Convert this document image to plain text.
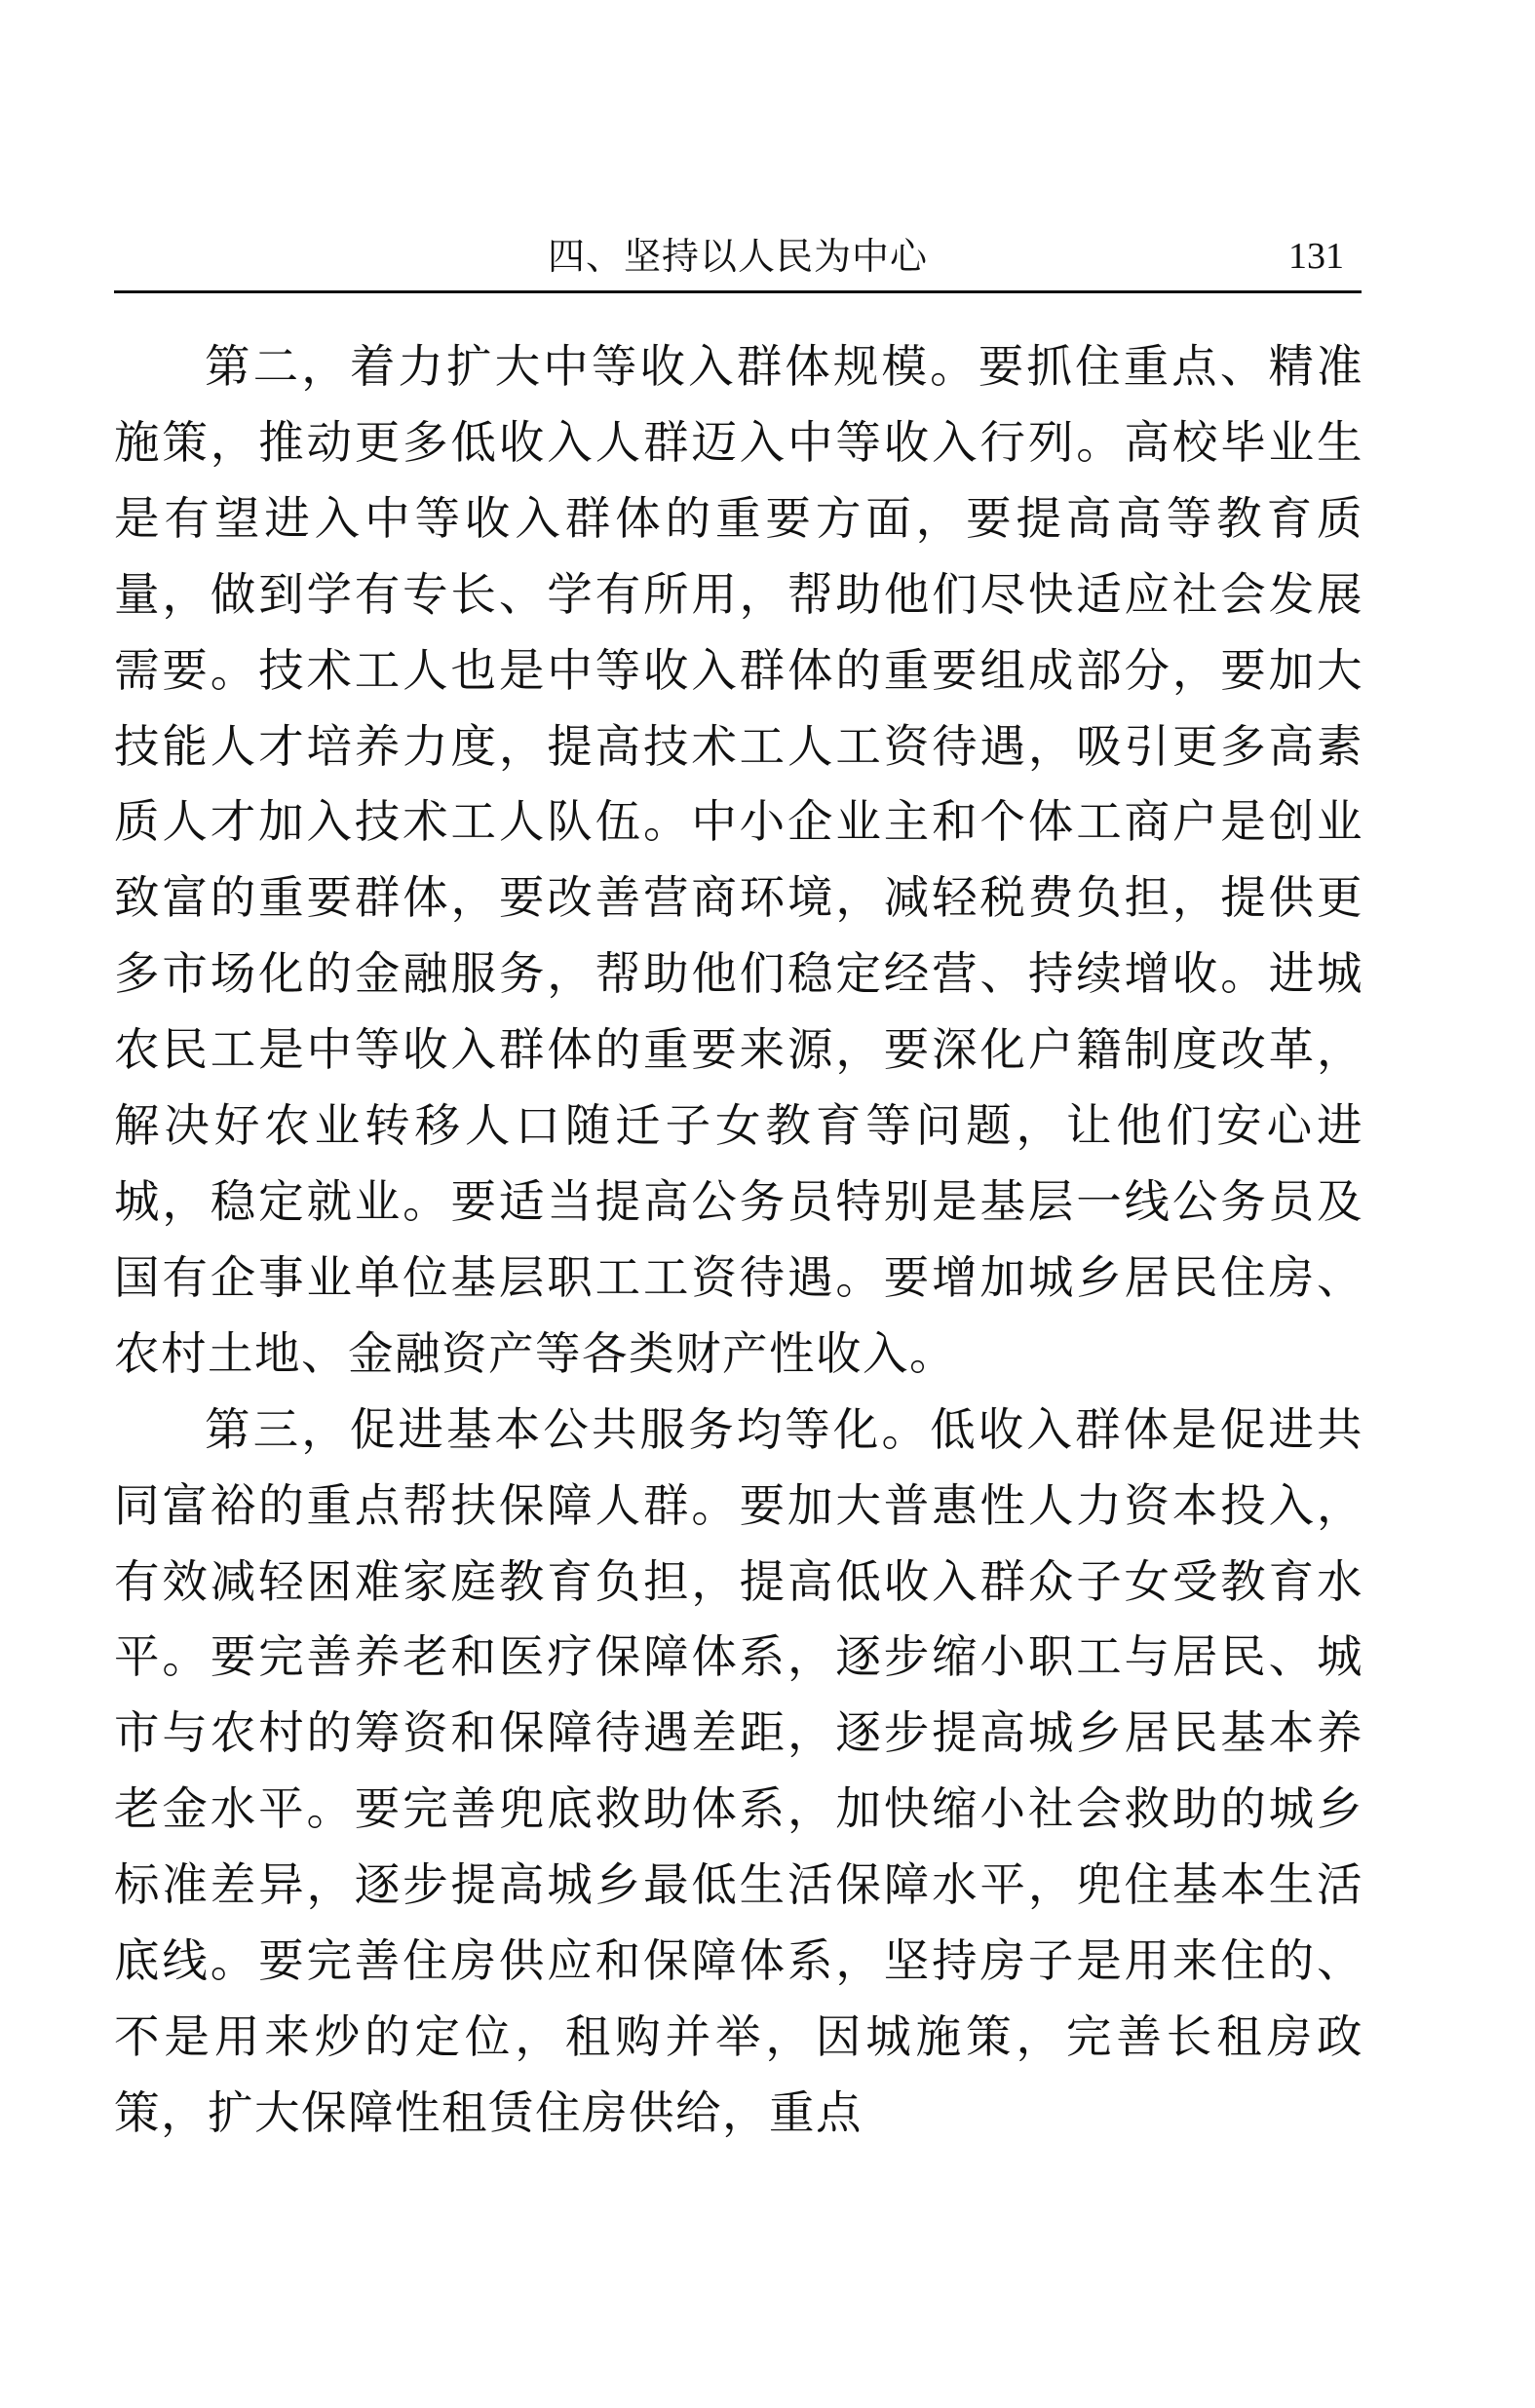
四、坚持以人民为中心	131

第二，着力扩大中等收入群体规模。要抓住重点、精准施策，推动更多低收入人群迈入中等收入行列。高校毕业生是有望进入中等收入群体的重要方面，要提高高等教育质量，做到学有专长、学有所用，帮助他们尽快适应社会发展需要。技术工人也是中等收入群体的重要组成部分，要加大技能人才培养力度，提高技术工人工资待遇，吸引更多高素质人才加入技术工人队伍。中小企业主和个体工商户是创业致富的重要群体，要改善营商环境，减轻税费负担，提供更多市场化的金融服务，帮助他们稳定经营、持续增收。进城农民工是中等收入群体的重要来源，要深化户籍制度改革，解决好农业转移人口随迁子女教育等问题，让他们安心进城，稳定就业。要适当提高公务员特别是基层一线公务员及国有企事业单位基层职工工资待遇。要增加城乡居民住房、农村土地、金融资产等各类财产性收入。

第三，促进基本公共服务均等化。低收入群体是促进共同富裕的重点帮扶保障人群。要加大普惠性人力资本投入，有效减轻困难家庭教育负担，提高低收入群众子女受教育水平。要完善养老和医疗保障体系，逐步缩小职工与居民、城市与农村的筹资和保障待遇差距，逐步提高城乡居民基本养老金水平。要完善兜底救助体系，加快缩小社会救助的城乡标准差异，逐步提高城乡最低生活保障水平，兜住基本生活底线。要完善住房供应和保障体系，坚持房子是用来住的、不是用来炒的定位，租购并举，因城施策，完善长租房政策，扩大保障性租赁住房供给，重点
